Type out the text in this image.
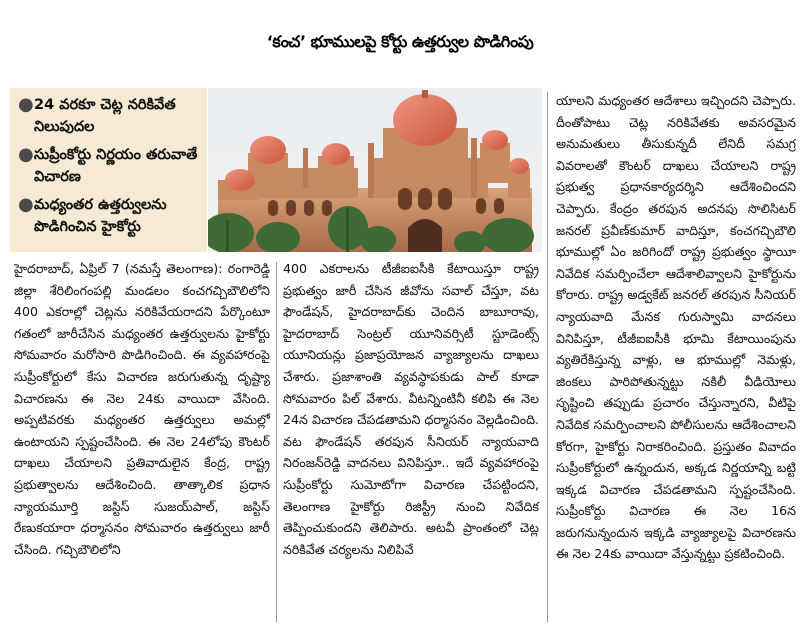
‘కంచ’ భూములపై కోర్టు ఉత్తర్వుల పొడిగింపు
● 24 వరకూ చెట్ల నరికివేత నిలుపుదల
● సుప్రీంకోర్టు నిర్ణయం తరువాతే విచారణ
● మధ్యంతర ఉత్తర్వులను పొడిగించిన హైకోర్టు

హైదరాబాద్, ఏప్రిల్ 7 (నమస్తే తెలంగాణ): రంగారెడ్డి జిల్లా శేరిలింగంపల్లి మండలం కంచగచ్చిబౌలిలోని 400 ఎకరాల్లో చెట్లను నరికివేయరాదని పేర్కొంటూ గతంలో జారీచేసిన మధ్యంతర ఉత్తర్వులను హైకోర్టు సోమవారం మరోసారి పొడిగించింది. ఈ వ్యవహారంపై సుప్రీంకోర్టులో కేసు విచారణ జరుగుతున్న దృష్ట్యా విచారణను ఈ నెల 24కు వాయిదా వేసింది. అప్పటివరకు మధ్యంతర ఉత్తర్వులు అమల్లో ఉంటాయని స్పష్టంచేసింది. ఈ నెల 24లోపు కౌంటర్ దాఖలు చేయాలని ప్రతివాదులైన కేంద్ర, రాష్ట్ర ప్రభుత్వాలను ఆదేశించింది. తాత్కాలిక ప్రధాన న్యాయమూర్తి జస్టిస్ సుజయ్‌పాల్, జస్టిస్ రేణుకయారా ధర్మాసనం సోమవారం ఉత్తర్వులు జారీ చేసింది. గచ్చిబౌలిలోని

400 ఎకరాలను టీజీఐఐసీకి కేటాయిస్తూ రాష్ట్ర ప్రభుత్వం జారీ చేసిన జీవోను సవాల్ చేస్తూ, వట ఫౌండేషన్, హైదరాబాద్‌కు చెందిన బాబూరావు, హైదరాబాద్ సెంట్రల్ యూనివర్సిటీ స్టూడెంట్స్ యూనియన్లు ప్రజాప్రయోజన వ్యాజ్యాలను దాఖలు చేశారు. ప్రజాశాంతి వ్యవస్థాపకుడు పాల్ కూడా సోమవారం పిల్ వేశారు. వీటన్నింటినీ కలిపి ఈ నెల 24న విచారణ చేపడతామని ధర్మాసనం వెల్లడించింది. వట ఫౌండేషన్ తరపున సీనియర్ న్యాయవాది నిరంజన్‌రెడ్డి వాదనలు వినిపిస్తూ.. ఇదే వ్యవహారంపై సుప్రీంకోర్టు సుమోటోగా విచారణ చేపట్టిందని, తెలంగాణ హైకోర్టు రిజిస్ట్రీ నుంచి నివేదిక తెప్పించుకుందని తెలిపారు. అటవీ ప్రాంతంలో చెట్ల నరికివేత చర్యలను నిలిపివే

యాలని మధ్యంతర ఆదేశాలు ఇచ్చిందని చెప్పారు. దీంతోపాటు చెట్ల నరికివేతకు అవసరమైన అనుమతులు తీసుకున్నదీ లేనిదీ సమగ్ర వివరాలతో కౌంటర్ దాఖలు చేయాలని రాష్ట్ర ప్రభుత్వ ప్రధానకార్యదర్శిని ఆదేశించిందని చెప్పారు. కేంద్రం తరపున అదనపు సొలిసిటర్ జనరల్ ప్రవీణ్‌కుమార్ వాదిస్తూ, కంచగచ్చిబౌలి భూముల్లో ఏం జరిగిందో రాష్ట్ర ప్రభుత్వం స్థాయీ నివేదిక సమర్పించేలా ఆదేశాలివ్వాలని హైకోర్టును కోరారు. రాష్ట్ర అడ్వకేట్ జనరల్ తరపున సీనియర్ న్యాయవాది మేనక గురుస్వామి వాదనలు వినిపిస్తూ, టీజీఐఐసీకి భూమి కేటాయింపును వ్యతిరేకిస్తున్న వాళ్లు, ఆ భూముల్లో నెమళ్లు, జింకలు పారిపోతున్నట్టు నకిలీ వీడియోలు సృష్టించి తప్పుడు ప్రచారం చేస్తున్నారని, వీటిపై నివేదిక సమర్పించాలని పోలీసులను ఆదేశించాలని కోరగా, హైకోర్టు నిరాకరించింది. ప్రస్తుతం వివాదం సుప్రీంకోర్టులో ఉన్నందున, అక్కడ నిర్ణయాన్ని బట్టి ఇక్కడ విచారణ చేపడతామని స్పష్టంచేసింది. సుప్రీంకోర్టు విచారణ ఈ నెల 16న జరుగనున్నందున ఇక్కడి వ్యాజ్యాలపై విచారణను ఈ నెల 24కు వాయిదా వేస్తున్నట్టు ప్రకటించింది.
